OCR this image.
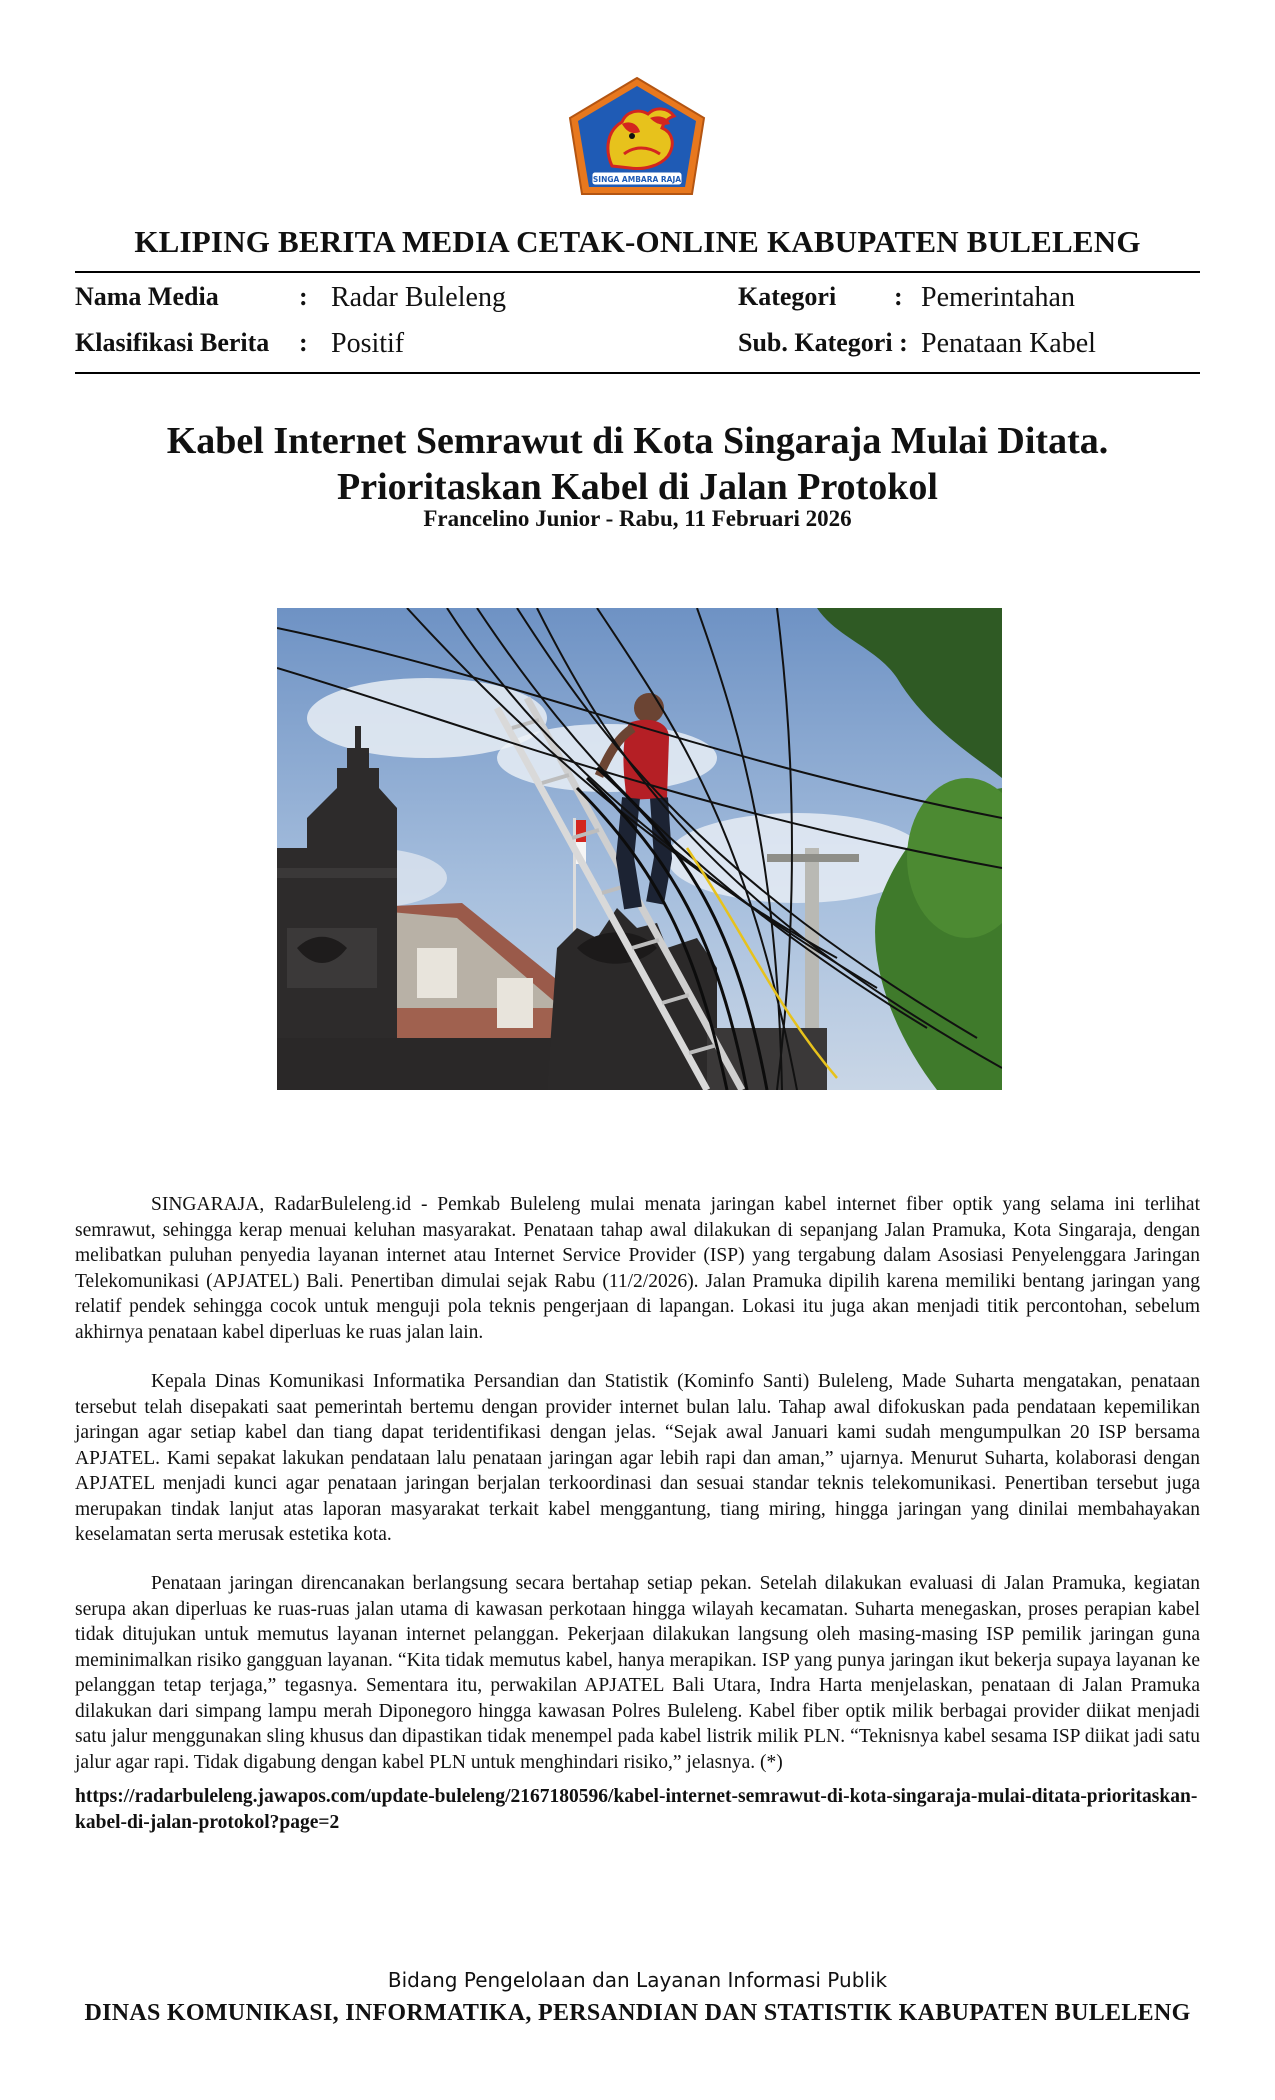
SINGA AMBARA RAJA
KLIPING BERITA MEDIA CETAK-ONLINE KABUPATEN BULELENG
Nama Media	: Radar Buleleng	Kategori : Pemerintahan
Klasifikasi Berita : Positif	Sub. Kategori : Penataan Kabel
Kabel Internet Semrawut di Kota Singaraja Mulai Ditata.
Prioritaskan Kabel di Jalan Protokol
Francelino Junior - Rabu, 11 Februari 2026

SINGARAJA, RadarBuleleng.id - Pemkab Buleleng mulai menata jaringan kabel internet fiber optik yang selama ini terlihat semrawut, sehingga kerap menuai keluhan masyarakat. Penataan tahap awal dilakukan di sepanjang Jalan Pramuka, Kota Singaraja, dengan melibatkan puluhan penyedia layanan internet atau Internet Service Provider (ISP) yang tergabung dalam Asosiasi Penyelenggara Jaringan Telekomunikasi (APJATEL) Bali. Penertiban dimulai sejak Rabu (11/2/2026). Jalan Pramuka dipilih karena memiliki bentang jaringan yang relatif pendek sehingga cocok untuk menguji pola teknis pengerjaan di lapangan. Lokasi itu juga akan menjadi titik percontohan, sebelum akhirnya penataan kabel diperluas ke ruas jalan lain.

Kepala Dinas Komunikasi Informatika Persandian dan Statistik (Kominfo Santi) Buleleng, Made Suharta mengatakan, penataan tersebut telah disepakati saat pemerintah bertemu dengan provider internet bulan lalu. Tahap awal difokuskan pada pendataan kepemilikan jaringan agar setiap kabel dan tiang dapat teridentifikasi dengan jelas. “Sejak awal Januari kami sudah mengumpulkan 20 ISP bersama APJATEL. Kami sepakat lakukan pendataan lalu penataan jaringan agar lebih rapi dan aman,” ujarnya. Menurut Suharta, kolaborasi dengan APJATEL menjadi kunci agar penataan jaringan berjalan terkoordinasi dan sesuai standar teknis telekomunikasi. Penertiban tersebut juga merupakan tindak lanjut atas laporan masyarakat terkait kabel menggantung, tiang miring, hingga jaringan yang dinilai membahayakan keselamatan serta merusak estetika kota.

Penataan jaringan direncanakan berlangsung secara bertahap setiap pekan. Setelah dilakukan evaluasi di Jalan Pramuka, kegiatan serupa akan diperluas ke ruas-ruas jalan utama di kawasan perkotaan hingga wilayah kecamatan. Suharta menegaskan, proses perapian kabel tidak ditujukan untuk memutus layanan internet pelanggan. Pekerjaan dilakukan langsung oleh masing-masing ISP pemilik jaringan guna meminimalkan risiko gangguan layanan. “Kita tidak memutus kabel, hanya merapikan. ISP yang punya jaringan ikut bekerja supaya layanan ke pelanggan tetap terjaga,” tegasnya. Sementara itu, perwakilan APJATEL Bali Utara, Indra Harta menjelaskan, penataan di Jalan Pramuka dilakukan dari simpang lampu merah Diponegoro hingga kawasan Polres Buleleng. Kabel fiber optik milik berbagai provider diikat menjadi satu jalur menggunakan sling khusus dan dipastikan tidak menempel pada kabel listrik milik PLN. “Teknisnya kabel sesama ISP diikat jadi satu jalur agar rapi. Tidak digabung dengan kabel PLN untuk menghindari risiko,” jelasnya. (*)

https://radarbuleleng.jawapos.com/update-buleleng/2167180596/kabel-internet-semrawut-di-kota-singaraja-mulai-ditata-prioritaskan-kabel-di-jalan-protokol?page=2

Bidang Pengelolaan dan Layanan Informasi Publik
DINAS KOMUNIKASI, INFORMATIKA, PERSANDIAN DAN STATISTIK KABUPATEN BULELENG
